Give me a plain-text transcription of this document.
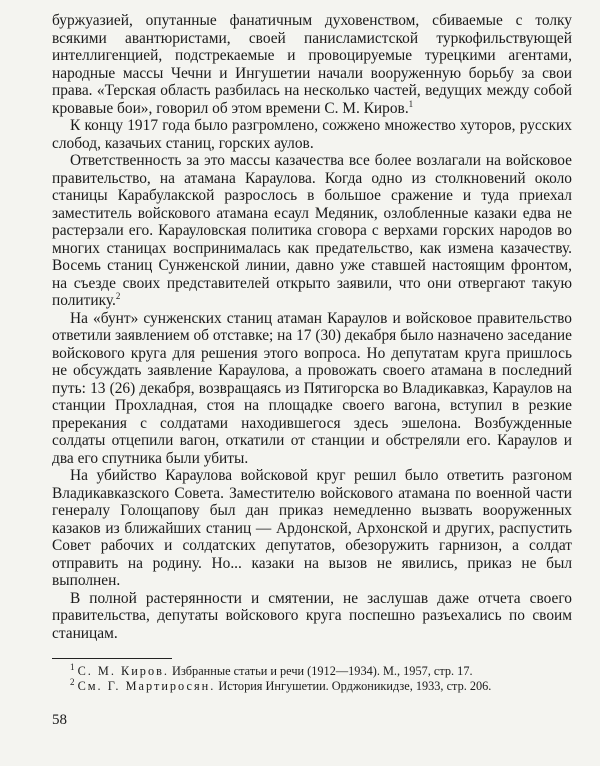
буржуазией, опутанные фанатичным духовенством, сбиваемые с толку всякими авантюристами, своей панисламистской туркофильствующей интеллигенцией, подстрекаемые и провоцируемые турецкими агентами, народные массы Чечни и Ингушетии начали вооруженную борьбу за свои права. «Терская область разбилась на несколько частей, ведущих между собой кровавые бои», говорил об этом времени С. М. Киров.$^1$

К концу 1917 года было разгромлено, сожжено множество хуторов, русских слобод, казачьих станиц, горских аулов.

Ответственность за это массы казачества все более возлагали на войсковое правительство, на атамана Караулова. Когда одно из столкновений около станицы Карабулакской разрослось в большое сражение и туда приехал заместитель войскового атамана есаул Медяник, озлобленные казаки едва не растерзали его. Карауловская политика сговора с верхами горских народов во многих станицах воспринималась как предательство, как измена казачеству. Восемь станиц Сунженской линии, давно уже ставшей настоящим фронтом, на съезде своих представителей открыто заявили, что они отвергают такую политику.$^2$

На «бунт» сунженских станиц атаман Караулов и войсковое правительство ответили заявлением об отставке; на 17 (30) декабря было назначено заседание войскового круга для решения этого вопроса. Но депутатам круга пришлось не обсуждать заявление Караулова, а провожать своего атамана в последний путь: 13 (26) декабря, возвращаясь из Пятигорска во Владикавказ, Караулов на станции Прохладная, стоя на площадке своего вагона, вступил в резкие пререкания с солдатами находившегося здесь эшелона. Возбужденные солдаты отцепили вагон, откатили от станции и обстреляли его. Караулов и два его спутника были убиты.

На убийство Караулова войсковой круг решил было ответить разгоном Владикавказского Совета. Заместителю войскового атамана по военной части генералу Голощапову был дан приказ немедленно вызвать вооруженных казаков из ближайших станиц — Ардонской, Архонской и других, распустить Совет рабочих и солдатских депутатов, обезоружить гарнизон, а солдат отправить на родину. Но... казаки на вызов не явились, приказ не был выполнен.

В полной растерянности и смятении, не заслушав даже отчета своего правительства, депутаты войскового круга поспешно разъехались по своим станицам.

$^1$ С. М. Киров. Избранные статьи и речи (1912—1934). М., 1957, стр. 17.

$^2$ См. Г. Мартиросян. История Ингушетии. Орджоникидзе, 1933, стр. 206.

58
